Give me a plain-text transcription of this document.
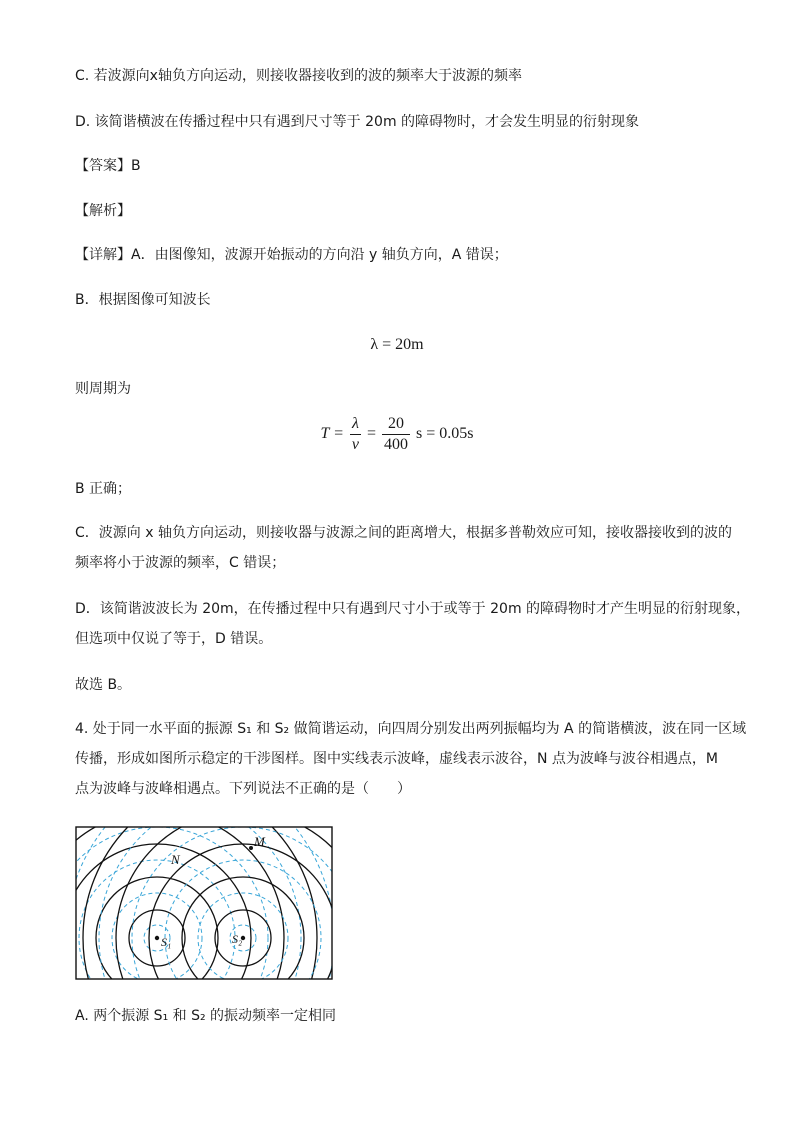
C. 若波源向x轴负方向运动，则接收器接收到的波的频率大于波源的频率
D. 该简谐横波在传播过程中只有遇到尺寸等于 20m 的障碍物时，才会发生明显的衍射现象
【答案】B
【解析】
【详解】A．由图像知，波源开始振动的方向沿 y 轴负方向，A 错误；
B．根据图像可知波长
λ = 20m
则周期为
$T = \frac{\lambda}{v} = \frac{20}{400}$ s = 0.05s
B 正确；
C．波源向 x 轴负方向运动，则接收器与波源之间的距离增大，根据多普勒效应可知，接收器接收到的波的
频率将小于波源的频率，C 错误；
D．该简谐波波长为 20m，在传播过程中只有遇到尺寸小于或等于 20m 的障碍物时才产生明显的衍射现象，
但选项中仅说了等于，D 错误。
故选 B。
4. 处于同一水平面的振源 S₁ 和 S₂ 做简谐运动，向四周分别发出两列振幅均为 A 的简谐横波，波在同一区域
传播，形成如图所示稳定的干涉图样。图中实线表示波峰，虚线表示波谷，N 点为波峰与波谷相遇点，M
点为波峰与波峰相遇点。下列说法不正确的是（　　）
M
N
S₁	S₂
A. 两个振源 S₁ 和 S₂ 的振动频率一定相同
